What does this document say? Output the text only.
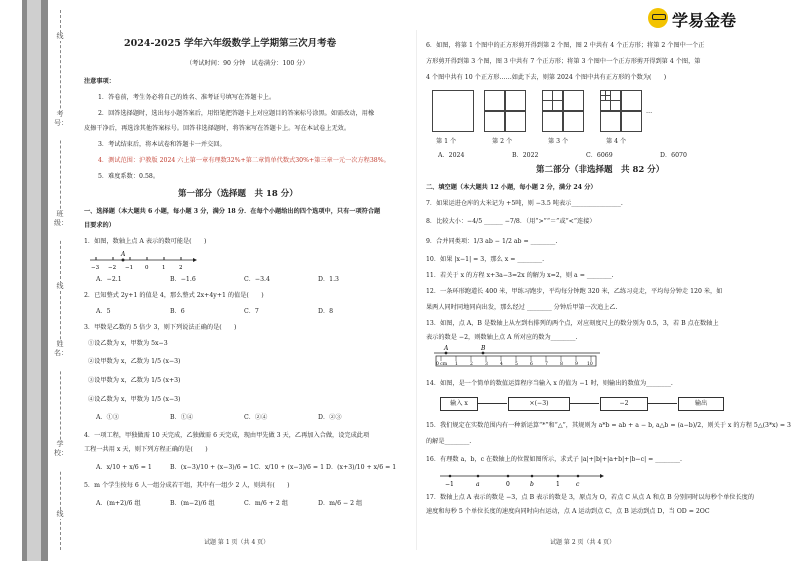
线
考号：
班级：
线
姓名：
学校：
线
学易金卷
2024-2025 学年六年级数学上学期第三次月考卷
（考试时间：90 分钟　试卷满分：100 分）
注意事项：
1．答卷前，考生务必将自己的姓名、准考证号填写在答题卡上。
2．回答选择题时，选出每小题答案后，用铅笔把答题卡上对应题目的答案标号涂黑。如需改动，用橡
皮擦干净后，再选涂其他答案标号。回答非选择题时，将答案写在答题卡上。写在本试卷上无效。
3．考试结束后，将本试卷和答题卡一并交回。
4．测试范围：沪教版 2024 六上第一章有理数32%+第二章简单代数式30%+第三章一元一次方程38%。
5．难度系数：0.58。
第一部分（选择题　共 18 分）
一、选择题（本大题共 6 小题，每小题 3 分，满分 18 分．在每个小题给出的四个选项中，只有一项符合题
目要求的）
1．如图，数轴上点 A 表示的数可能是(　　)
A
−3 −2 −1 0 1 2
A．−2.1	B．−1.6	C．−3.4	D．1.3
2．已知整式 2y+1 的值是 4，那么整式 2x+4y+1 的值是(　　)
A．5	B．6	C．7	D．8
3．甲数是乙数的 5 倍少 3，则下列说法正确的是(　　)
①设乙数为 x，甲数为 5x−3
②设甲数为 x，乙数为 1/5 (x−3)
③设甲数为 x，乙数为 1/5 (x+3)
④设乙数为 x，甲数为 1/5 (x−3)
A．①③	B．①④	C．②④	D．②③
4．一项工程，甲独做需 10 天完成，乙独做需 6 天完成，现由甲先做 3 天，乙再加入合做，设完成此项
工程一共用 x 天，则下列方程正确的是(　　)
A．x/10 + x/6 = 1	B．(x−3)/10 + (x−3)/6 = 1 C．x/10 + (x−3)/6 = 1 D．(x+3)/10 + x/6 = 1
5．m 个学生按每 6 人一组分成若干组，其中有一组少 2 人，则共有(　　)
A．(m+2)/6 组	B．(m−2)/6 组	C．m/6 + 2 组	D．m/6 − 2 组
试题 第 1 页（共 4 页）
6．如图，将第 1 个图中的正方形剪开得到第 2 个图，图 2 中共有 4 个正方形；将第 2 个图中一个正
方形剪开得到第 3 个图，图 3 中共有 7 个正方形；将第 3 个图中一个正方形剪开得到第 4 个图，第
4 个图中共有 10 个正方形……如此下去，则第 2024 个图中共有正方形的个数为(　　)
…
第 1 个	第 2 个	第 3 个	第 4 个
A．2024	B．2022	C．6069	D．6070
第二部分（非选择题　共 82 分）
二、填空题（本大题共 12 小题，每小题 2 分，满分 24 分）
7．如果运进仓库的大米记为 +5吨，则 −3.5 吨表示________________.
8．比较大小：−4/5 ______ −7/8．（用“>”“＝”或“<”连接）
9．合并同类项：1/3 ab − 1/2 ab = ________.
10．如果 |x−1| = 3，那么 x = ________.
11．若关于 x 的方程 x+3a−3=2x 的解为 x=2，则 a = ________.
12．一条环形跑道长 400 米，甲练习跑步，平均每分钟跑 320 米，乙练习竞走，平均每分钟走 120 米，如
果两人同时同地同向出发，那么经过 ________ 分钟后甲第一次追上乙.
13．如图，点 A，B 是数轴上从左到右排列的两个点，对应刻度尺上的数分别为 0.5，3，若 B 点在数轴上
表示的数是 −2，则数轴上点 A 所对应的数为________.
A	B
0 cm 1	2	3	4	5	6	7	8	9 10
14．如图，是一个简单的数值运算程序当输入 x 的值为 −1 时，则输出的数值为________.
输入 x	×(−3)	−2	输出
15．我们规定在实数范围内有一种新运算“*”和“△”，其规则为 a*b = ab + a − b, a△b = (a−b)/2，则关于 x 的方程 5△(3*x) = 3
的解是________.
16．有理数 a，b，c 在数轴上的位置如图所示，求式子 |a|+|b|+|a+b|+|b−c| = ________.
−1	a	0	b	1	c
17．数轴上点 A 表示的数是 −3，点 B 表示的数是 3，原点为 O，若点 C 从点 A 和点 B 分别同时以每秒个单位长度的
速度和每秒 5 个单位长度的速度向同时向右运动，点 A 运动到点 C，点 B 运动到点 D，当 OD = 2OC
试题 第 2 页（共 4 页）
